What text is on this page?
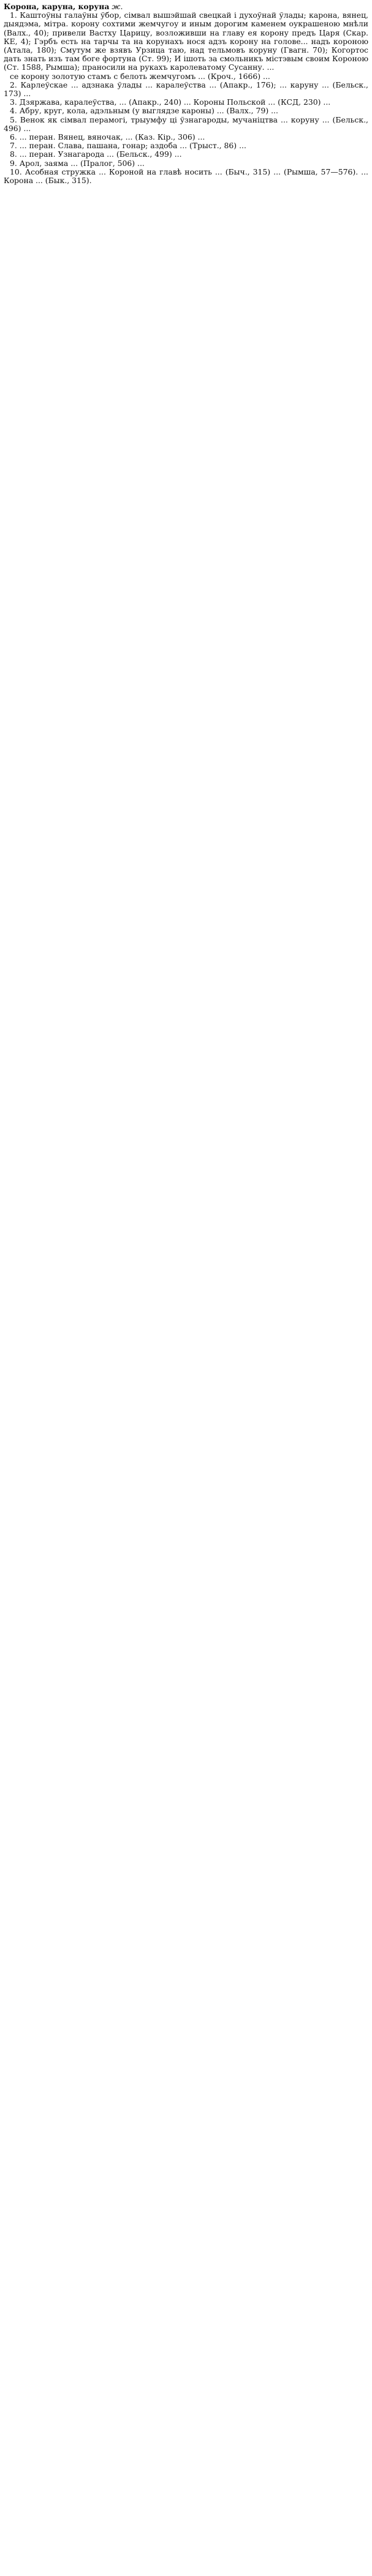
Корона, каруна, коруна ж.

1. Каштоўны галаўны ўбор, сімвал вышэйшай свецкай і духоўнай ўлады; карона, вянец, дыядэма, мітра. корону сохтими жемчугоу и иным дорогим каменем оукрашеною мнѣли (Валх., 40); привели Вастху Царицу, возложивши на главу ея корону предъ Царя (Скар. КЕ, 4); Гэрбъ есть на тарчы та на корунахъ нося адзъ корону на голове... надъ короною (Атала, 180); Смутум же взявъ Урзица таю, над тельмовъ коруну (Гвагн. 70); Когортос дать знать изъ там боге фортуна (Ст. 99); И ішоть за смольникъ містэвым своим Короною (Ст. 1588, Рымша); праносили на рукахъ каролеватому Сусанну. ...

се корону золотую стамъ с белоть жемчугомъ ... (Кроч., 1666) ...

2. Карлеўскае ... адзнака ўлады ... каралеўства ... (Апакр., 176); ... каруну ... (Бельск., 173) ...

3. Дзяржава, каралеўства, ... (Апакр., 240) ... Короны Польской ... (КСД, 230) ...

4. Абру, круг, кола, адэльным (у выглядзе кароны) ... (Валх., 79) ...

5. Венок як сімвал перамогі, трыумфу ці ўзнагароды, мучаніцтва ... коруну ... (Бельск., 496) ...

6. ... перан. Вянец, вяночак, ... (Каз. Кір., 306) ...

7. ... перан. Слава, пашана, гонар; аздоба ... (Трыст., 86) ...

8. ... перан. Узнагарода ... (Бельск., 499) ...

9. Арол, заяма ... (Пралог, 506) ...

10. Асобная стружка ... Короной на главѣ носить ... (Быч., 315) ... (Рымша, 57—576). ... Корона ... (Бык., 315).
